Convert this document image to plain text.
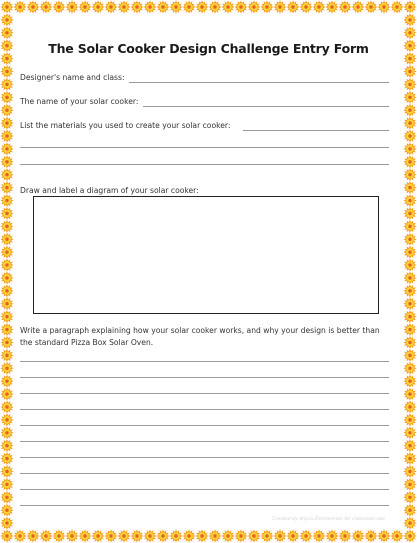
The Solar Cooker Design Challenge Entry Form
Designer's name and class:
The name of your solar cooker:
List the materials you used to create your solar cooker:
Draw and label a diagram of your solar cooker:
Write a paragraph explaining how your solar cooker works, and why your design is better than
the standard Pizza Box Solar Oven.
Created by Alycia Zimmerman for classroom use
